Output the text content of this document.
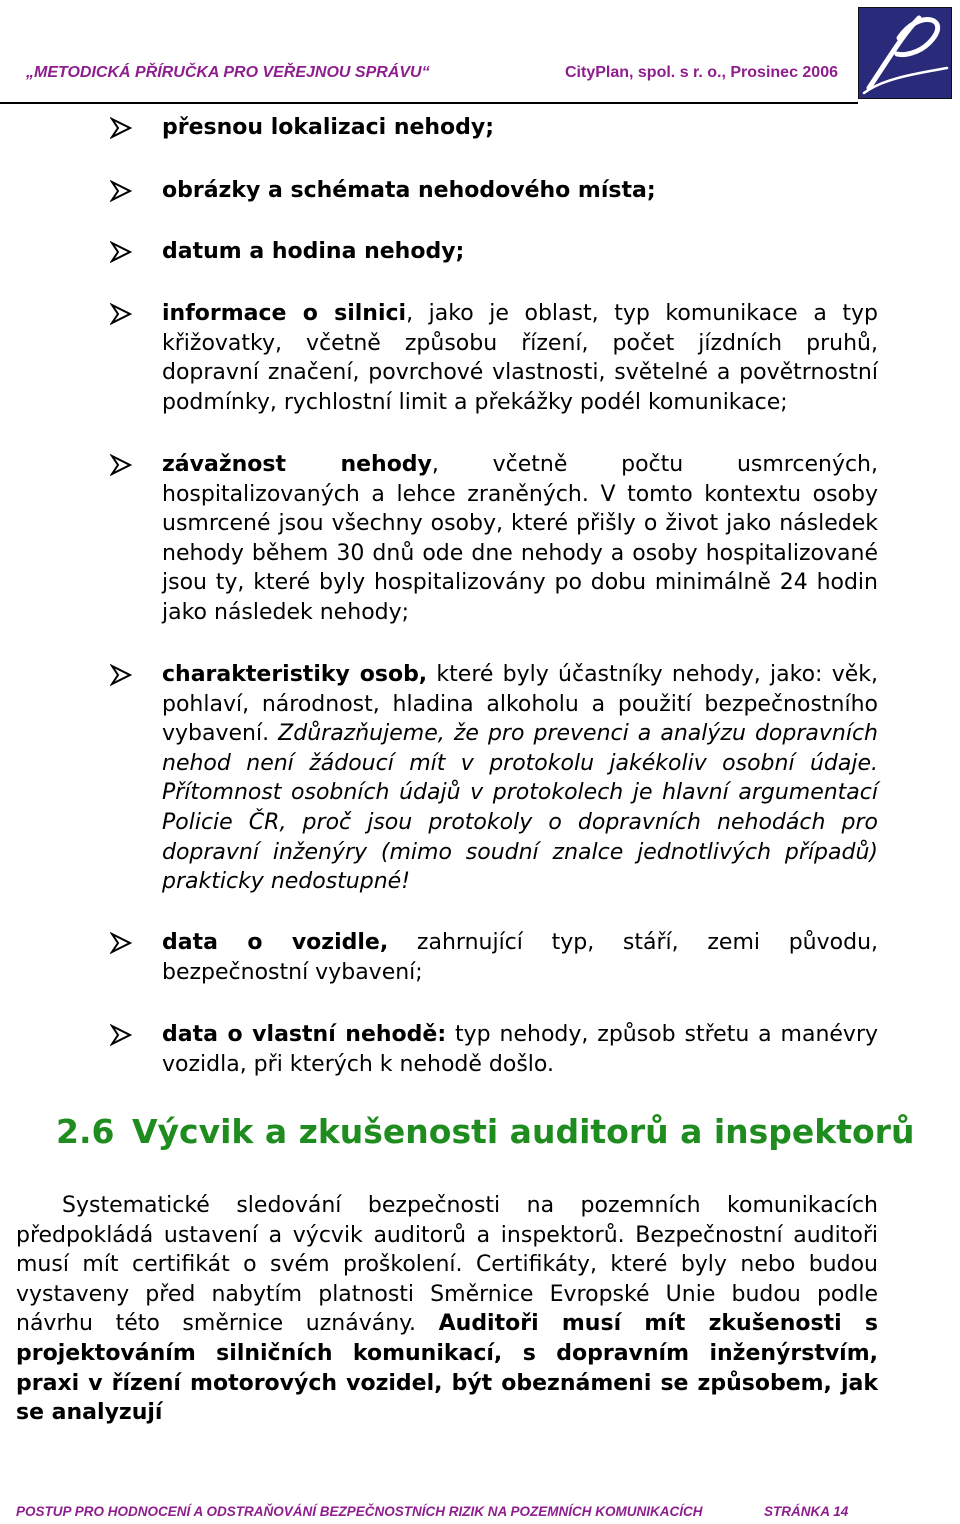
„METODICKÁ PŘÍRUČKA PRO VEŘEJNOU SPRÁVU“	CityPlan, spol. s r. o., Prosinec 2006
přesnou lokalizaci nehody;
obrázky a schémata nehodového místa;
datum a hodina nehody;
informace o silnici, jako je oblast, typ komunikace a typ křižovatky, včetně způsobu řízení, počet jízdních pruhů, dopravní značení, povrchové vlastnosti, světelné a povětrnostní podmínky, rychlostní limit a překážky podél komunikace;
závažnost nehody, včetně počtu usmrcených, hospitalizovaných a lehce zraněných. V tomto kontextu osoby usmrcené jsou všechny osoby, které přišly o život jako následek nehody během 30 dnů ode dne nehody a osoby hospitalizované jsou ty, které byly hospitalizovány po dobu minimálně 24 hodin jako následek nehody;
charakteristiky osob, které byly účastníky nehody, jako: věk, pohlaví, národnost, hladina alkoholu a použití bezpečnostního vybavení. Zdůrazňujeme, že pro prevenci a analýzu dopravních nehod není žádoucí mít v protokolu jakékoliv osobní údaje. Přítomnost osobních údajů v protokolech je hlavní argumentací Policie ČR, proč jsou protokoly o dopravních nehodách pro dopravní inženýry (mimo soudní znalce jednotlivých případů) prakticky nedostupné!
data o vozidle, zahrnující typ, stáří, zemi původu, bezpečnostní vybavení;
data o vlastní nehodě: typ nehody, způsob střetu a manévry vozidla, při kterých k nehodě došlo.
2.6 Výcvik a zkušenosti auditorů a inspektorů
Systematické sledování bezpečnosti na pozemních komunikacích předpokládá ustavení a výcvik auditorů a inspektorů. Bezpečnostní auditoři musí mít certifikát o svém proškolení. Certifikáty, které byly nebo budou vystaveny před nabytím platnosti Směrnice Evropské Unie budou podle návrhu této směrnice uznávány. Auditoři musí mít zkušenosti s projektováním silničních komunikací, s dopravním inženýrstvím, praxi v řízení motorových vozidel, být obeznámeni se způsobem, jak se analyzují
POSTUP PRO HODNOCENÍ A ODSTRAŇOVÁNÍ BEZPEČNOSTNÍCH RIZIK NA POZEMNÍCH KOMUNIKACÍCH	STRÁNKA 14
